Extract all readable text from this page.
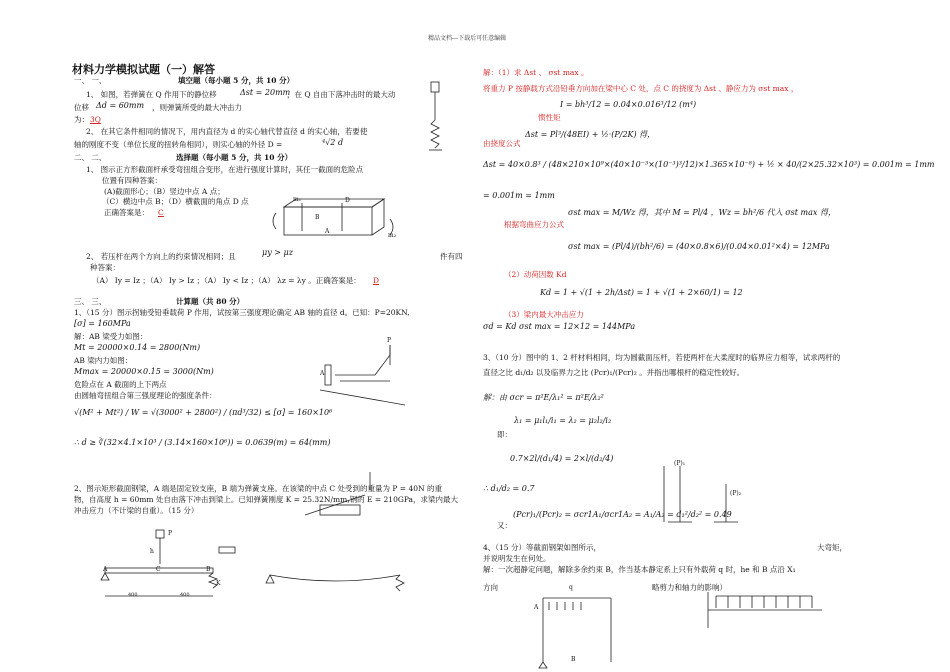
精品文档---下载后可任意编辑
材料力学模拟试题（一）解答
一、 一、	填空题（每小题 5 分，共 10 分）
1、 如图，若弹簧在 Q 作用下的静位移	Δst = 20mm
，在 Q 自由下落冲击时的最大动
位移 Δd = 60mm ，则弹簧所受的最大冲击力
为： 3Q
2、 在其它条件相同的情况下，用内直径为 d 的实心轴代替直径 d 的实心轴，若要使
轴的刚度不变（单位长度的扭转角相同），则实心轴的外径 D =	⁴√2 d
二、 二、	选择题（每小题 5 分，共 10 分）
1、 图示正方形截面杆承受弯扭组合变形，在进行强度计算时，其任一截面的危险点
位置有四种答案：
(A)截面形心；（B）竖边中点 A 点；
（C）横边中点 B；（D）横截面的角点 D 点
正确答案是： C
m₁
m₂
D
B
A
2、 若压杆在两个方向上的约束情况相同；且	μy > μz	件有四
种答案：
（A） Iy = Iz ；（A） Iy > Iz ；（A） Iy < Iz ；（A） λz = λy 。正确答案是： D
三、 三、	计算题（共 80 分）
1、（15 分）图示拐轴受铅垂载荷 P 作用，试按第三强度理论确定 AB 轴的直径 d。已知：P=20KN,
[σ] = 160MPa
解：AB 梁受力如图：
Mt = 20000×0.14 = 2800(Nm)
AB 梁内力如图：
Mmax = 20000×0.15 = 3000(Nm)
危险点在 A 截面的上下两点
由圆轴弯扭组合第三强度理论的强度条件：
√(M² + Mt²) / W = √(3000² + 2800²) / (πd³/32) ≤ [σ] = 160×10⁶
∴ d ≥ ∛(32×4.1×10³ / (3.14×160×10⁶)) = 0.0639(m) = 64(mm)
P
A
2、图示矩形截面钢梁，A 端是固定铰支座，B 端为弹簧支座。在该梁的中点 C 处受到的重量为 P = 40N 的重
物，自高度 h = 60mm 处自由落下冲击到梁上。已知弹簧刚度 K = 25.32N/mm,钢的 E = 210GPa，求梁内最大
冲击应力（不计梁的自重）。（15 分）
P
h
A	C	B
K
400	400
解：（1）求 Δst 、 σst max 。
将重力 P 按静载方式沿铅垂方向加在梁中心 C 处，点 C 的挠度为 Δst 、静应力为 σst max ，
I = bh³/12 = 0.04×0.016³/12 (m⁴)
惯性矩
由挠度公式
Δst = Pl³/(48EI) + ½·(P/2K) 得，
Δst = 40×0.8³ / (48×210×10⁹×(40×10⁻³×(10⁻³)³/12)×1.365×10⁻⁸) + ½ × 40/(2×25.32×10³) = 0.001m = 1mm
= 0.001m = 1mm
根据弯曲应力公式
σst max = M/Wz 得，其中 M = Pl/4 ，Wz = bh²/6 代入 σst max 得，
σst max = (Pl/4)/(bh²/6) = (40×0.8×6)/(0.04×0.01²×4) = 12MPa
（2）动荷因数 Kd
Kd = 1 + √(1 + 2h/Δst) = 1 + √(1 + 2×60/1) = 12
（3）梁内最大冲击应力
σd = Kd σst max = 12×12 = 144MPa
3、（10 分）图中的 1、2 杆材料相同，均为圆截面压杆，若使两杆在大柔度时的临界应力相等，试求两杆的
直径之比 d₁/d₂ 以及临界力之比 (Pcr)₁/(Pcr)₂ 。并指出哪根杆的稳定性较好。
解：由 σcr = π²E/λ₁² = π²E/λ₂²
即：
λ₁ = μ₁l₁/i₁ = λ₂ = μ₂l₂/i₂
0.7×2l/(d₁/4) = 2×l/(d₂/4)
∴ d₁/d₂ = 0.7
又：
(Pcr)₁/(Pcr)₂ = σcr1A₁/σcr1A₂ = A₁/A₂ = d₁²/d₂² = 0.49
(P)₁
(P)₂
4、（15 分）等截面钢架如图所示，	大弯矩，
并说明发生在何处。
解：一次超静定问题，解除多余约束 B，作当基本静定系上只有外载荷 q 时，he 和 B 点沿 X₁
方向	略剪力和轴力的影响）
q
A
B
